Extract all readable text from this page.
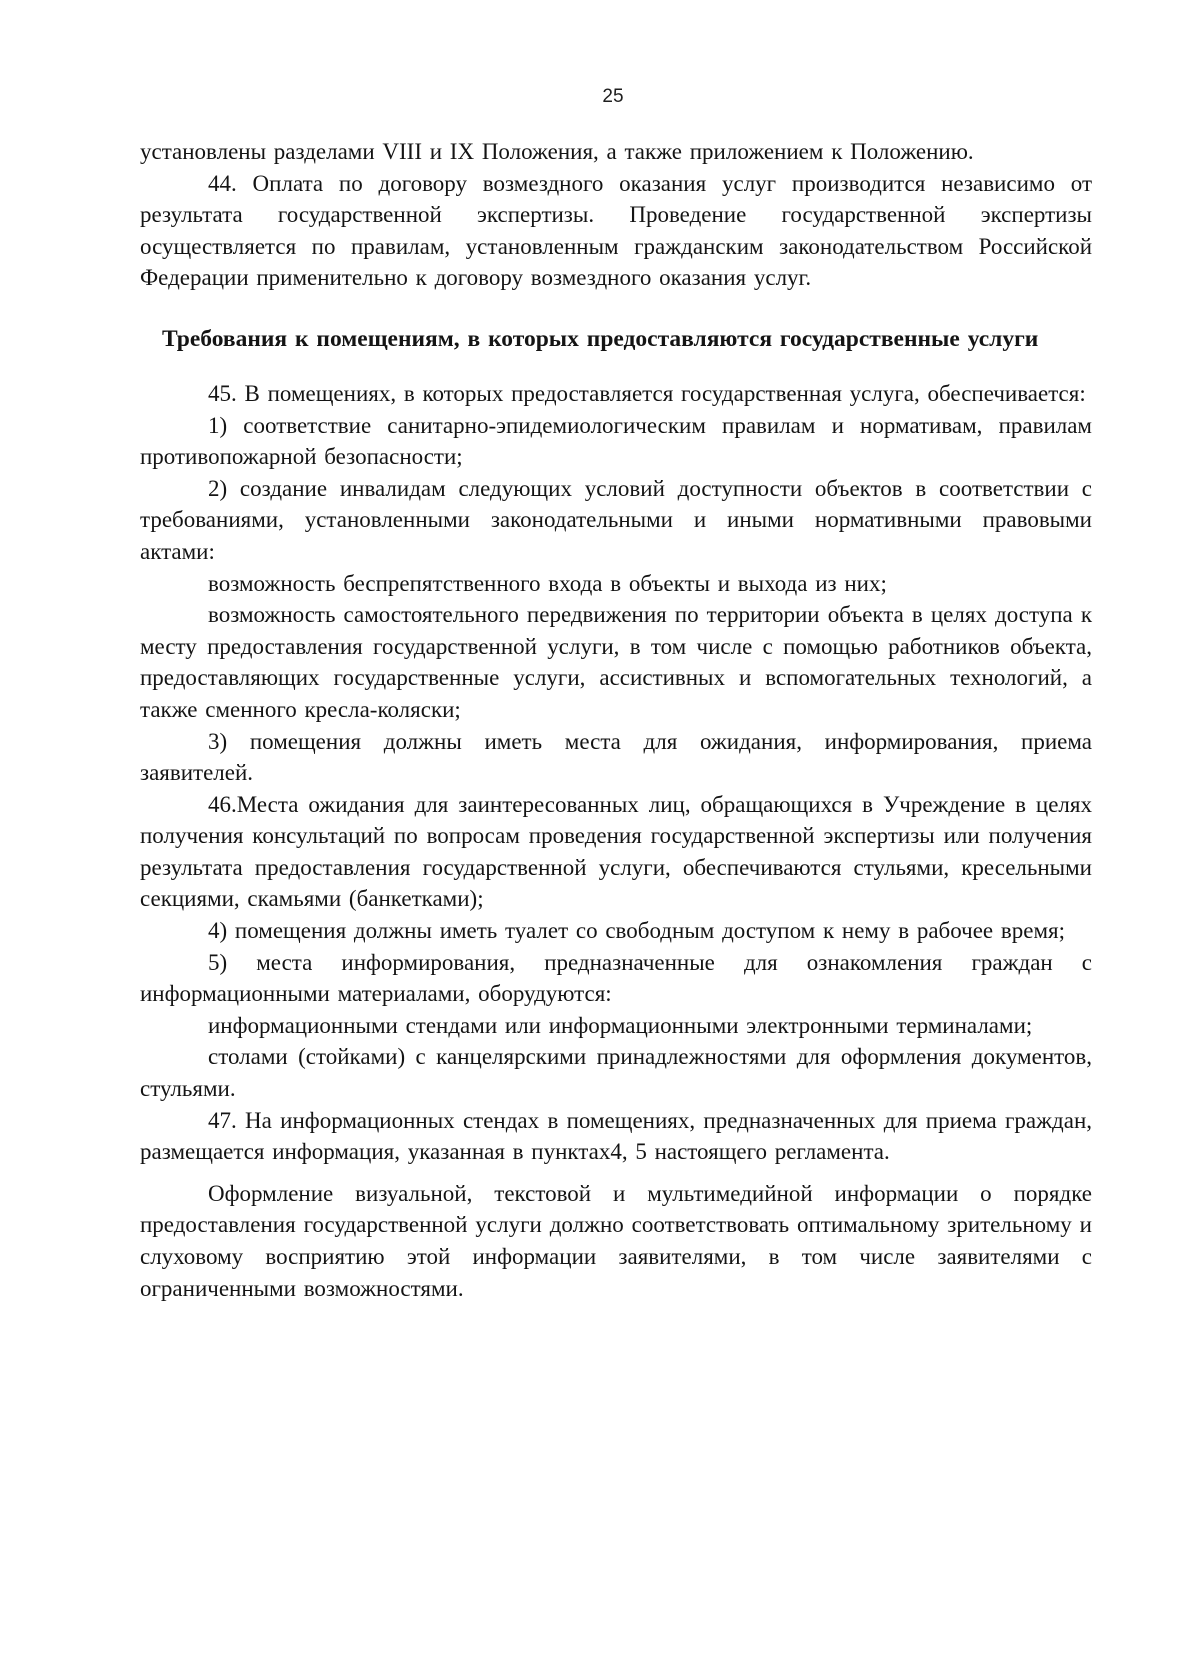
25

установлены разделами VIII и IX Положения, а также приложением к Положению.

44. Оплата по договору возмездного оказания услуг производится независимо от результата государственной экспертизы. Проведение государственной экспертизы осуществляется по правилам, установленным гражданским законодательством Российской Федерации применительно к договору возмездного оказания услуг.

Требования к помещениям, в которых предоставляются государственные услуги

45. В помещениях, в которых предоставляется государственная услуга, обеспечивается:

1) соответствие санитарно-эпидемиологическим правилам и нормативам, правилам противопожарной безопасности;

2) создание инвалидам следующих условий доступности объектов в соответствии с требованиями, установленными законодательными и иными нормативными правовыми актами:

возможность беспрепятственного входа в объекты и выхода из них;

возможность самостоятельного передвижения по территории объекта в целях доступа к месту предоставления государственной услуги, в том числе с помощью работников объекта, предоставляющих государственные услуги, ассистивных и вспомогательных технологий, а также сменного кресла-коляски;

3) помещения должны иметь места для ожидания, информирования, приема заявителей.

46.Места ожидания для заинтересованных лиц, обращающихся в Учреждение в целях получения консультаций по вопросам проведения государственной экспертизы или получения результата предоставления государственной услуги, обеспечиваются стульями, кресельными секциями, скамьями (банкетками);

4) помещения должны иметь туалет со свободным доступом к нему в рабочее время;

5) места информирования, предназначенные для ознакомления граждан с информационными материалами, оборудуются:

информационными стендами или информационными электронными терминалами;

столами (стойками) с канцелярскими принадлежностями для оформления документов, стульями.

47. На информационных стендах в помещениях, предназначенных для приема граждан, размещается информация, указанная в пунктах4, 5 настоящего регламента.

Оформление визуальной, текстовой и мультимедийной информации о порядке предоставления государственной услуги должно соответствовать оптимальному зрительному и слуховому восприятию этой информации заявителями, в том числе заявителями с ограниченными возможностями.
